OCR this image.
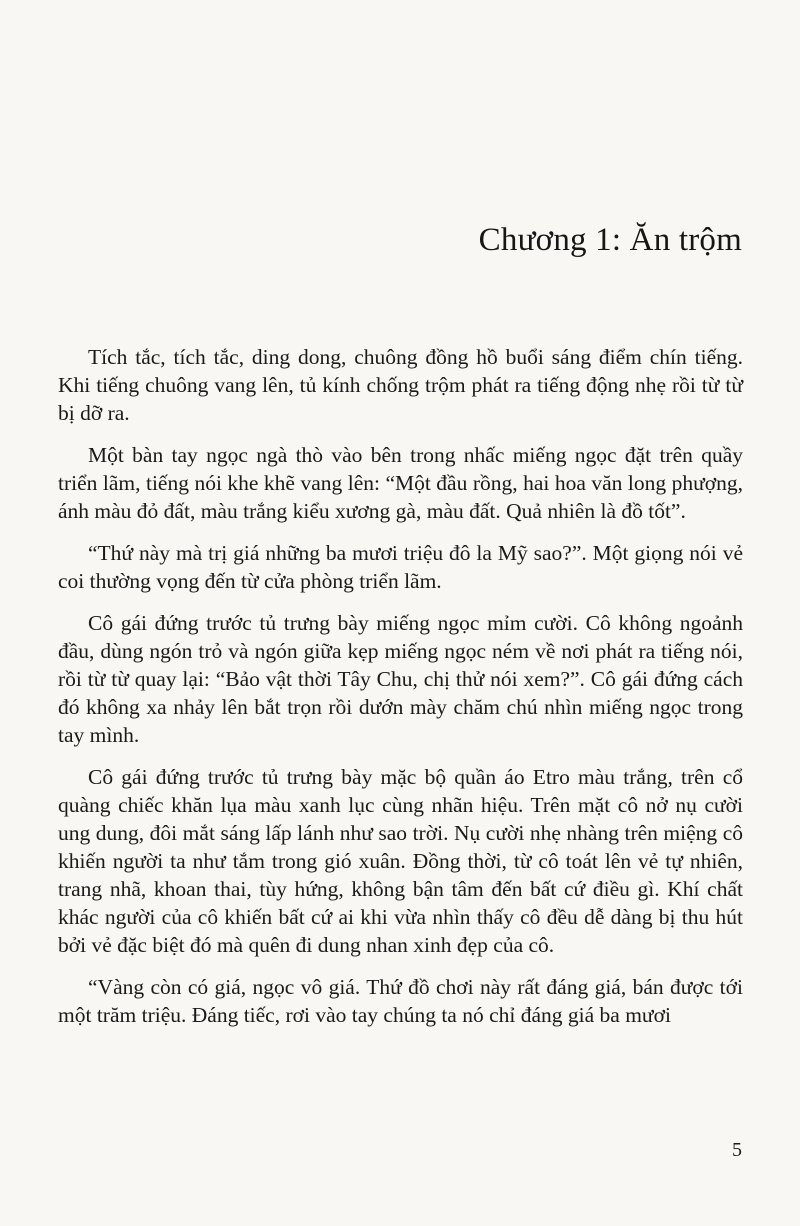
Chương 1: Ăn trộm

Tích tắc, tích tắc, ding dong, chuông đồng hồ buổi sáng điểm chín tiếng. Khi tiếng chuông vang lên, tủ kính chống trộm phát ra tiếng động nhẹ rồi từ từ bị dỡ ra.

Một bàn tay ngọc ngà thò vào bên trong nhấc miếng ngọc đặt trên quầy triển lãm, tiếng nói khe khẽ vang lên: “Một đầu rồng, hai hoa văn long phượng, ánh màu đỏ đất, màu trắng kiểu xương gà, màu đất. Quả nhiên là đồ tốt”.

“Thứ này mà trị giá những ba mươi triệu đô la Mỹ sao?”. Một giọng nói vẻ coi thường vọng đến từ cửa phòng triển lãm.

Cô gái đứng trước tủ trưng bày miếng ngọc mỉm cười. Cô không ngoảnh đầu, dùng ngón trỏ và ngón giữa kẹp miếng ngọc ném về nơi phát ra tiếng nói, rồi từ từ quay lại: “Bảo vật thời Tây Chu, chị thử nói xem?”. Cô gái đứng cách đó không xa nhảy lên bắt trọn rồi dướn mày chăm chú nhìn miếng ngọc trong tay mình.

Cô gái đứng trước tủ trưng bày mặc bộ quần áo Etro màu trắng, trên cổ quàng chiếc khăn lụa màu xanh lục cùng nhãn hiệu. Trên mặt cô nở nụ cười ung dung, đôi mắt sáng lấp lánh như sao trời. Nụ cười nhẹ nhàng trên miệng cô khiến người ta như tắm trong gió xuân. Đồng thời, từ cô toát lên vẻ tự nhiên, trang nhã, khoan thai, tùy hứng, không bận tâm đến bất cứ điều gì. Khí chất khác người của cô khiến bất cứ ai khi vừa nhìn thấy cô đều dễ dàng bị thu hút bởi vẻ đặc biệt đó mà quên đi dung nhan xinh đẹp của cô.

“Vàng còn có giá, ngọc vô giá. Thứ đồ chơi này rất đáng giá, bán được tới một trăm triệu. Đáng tiếc, rơi vào tay chúng ta nó chỉ đáng giá ba mươi

5
